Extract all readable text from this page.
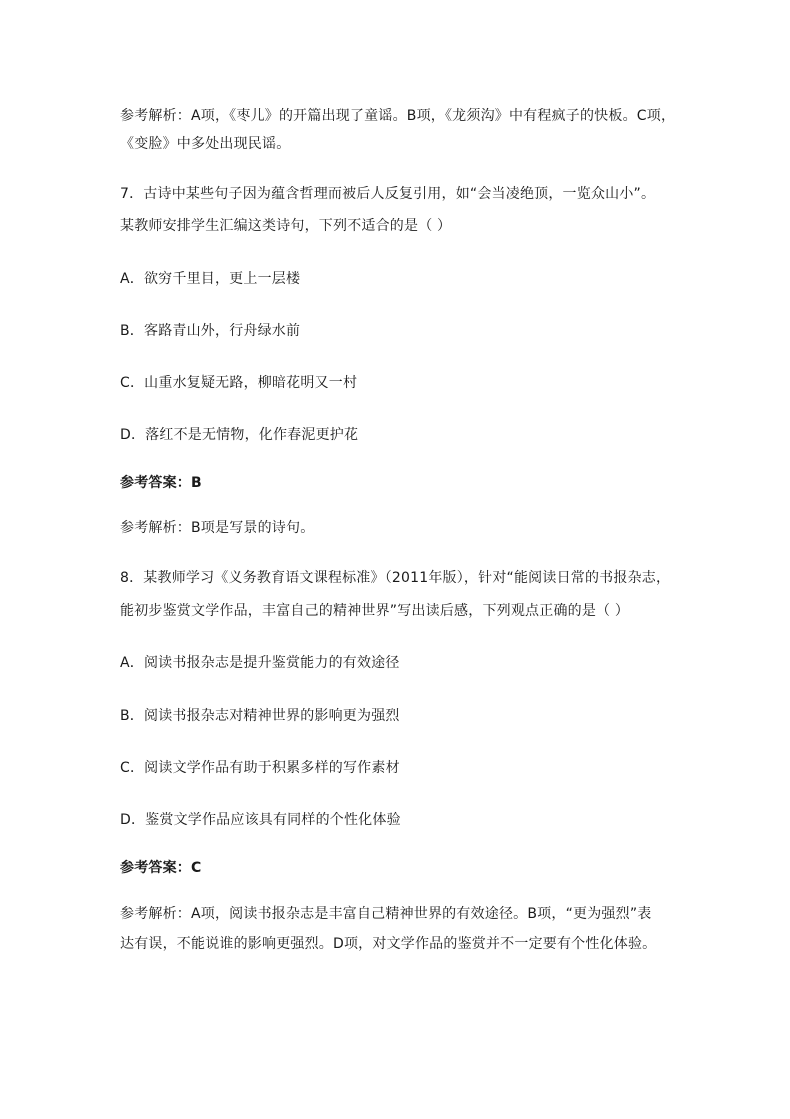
参考解析：A项，《枣儿》的开篇出现了童谣。B项，《龙须沟》中有程疯子的快板。C项，
《变脸》中多处出现民谣。
7．古诗中某些句子因为蕴含哲理而被后人反复引用，如“会当凌绝顶，一览众山小”。
某教师安排学生汇编这类诗句，下列不适合的是（ ）
A．欲穷千里目，更上一层楼
B．客路青山外，行舟绿水前
C．山重水复疑无路，柳暗花明又一村
D．落红不是无情物，化作春泥更护花
参考答案：B
参考解析：B项是写景的诗句。
8．某教师学习《义务教育语文课程标准》（2011年版），针对“能阅读日常的书报杂志，
能初步鉴赏文学作品，丰富自己的精神世界”写出读后感，下列观点正确的是（ ）
A．阅读书报杂志是提升鉴赏能力的有效途径
B．阅读书报杂志对精神世界的影响更为强烈
C．阅读文学作品有助于积累多样的写作素材
D．鉴赏文学作品应该具有同样的个性化体验
参考答案：C
参考解析：A项，阅读书报杂志是丰富自己精神世界的有效途径。B项，“更为强烈”表
达有误，不能说谁的影响更强烈。D项，对文学作品的鉴赏并不一定要有个性化体验。
